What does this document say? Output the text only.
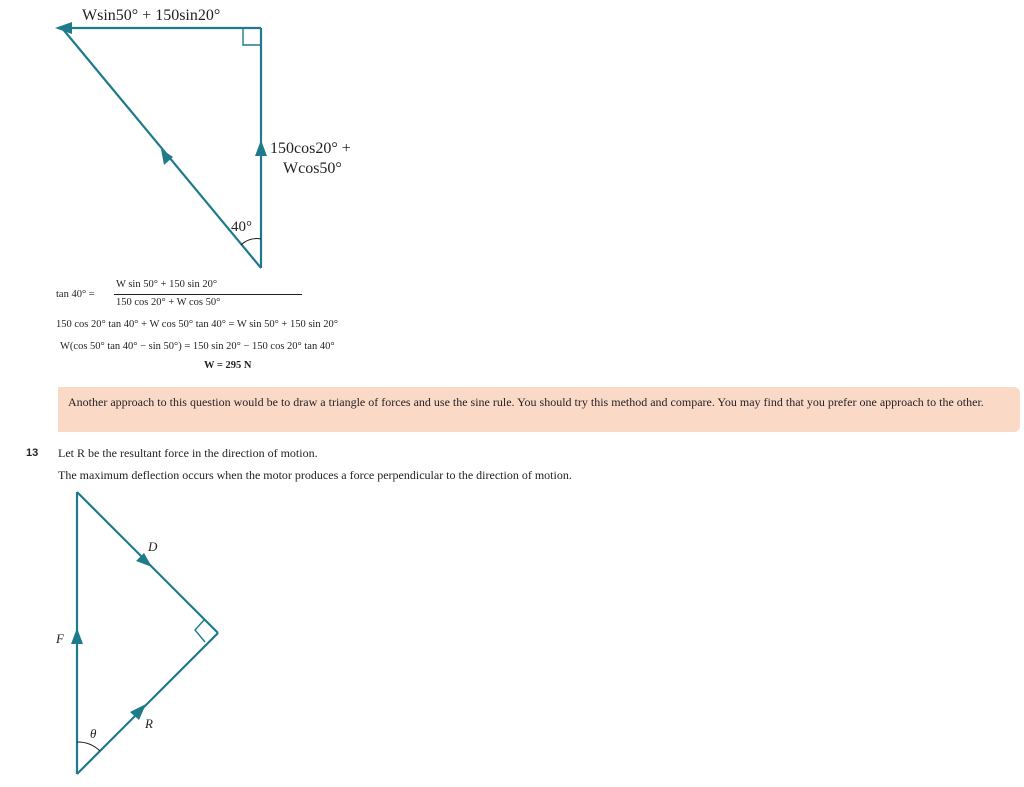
Wsin50° + 150sin20°
150cos20° +
Wcos50°
40°
tan 40° =
W sin 50° + 150 sin 20°
150 cos 20° + W cos 50°
150 cos 20° tan 40° + W cos 50° tan 40° = W sin 50° + 150 sin 20°
W(cos 50° tan 40° − sin 50°) = 150 sin 20° − 150 cos 20° tan 40°
W = 295 N
Another approach to this question would be to draw a triangle of forces and use the sine rule. You should try this method and compare. You may find that you prefer one approach to the other.
13 Let R be the resultant force in the direction of motion.
The maximum deflection occurs when the motor produces a force perpendicular to the direction of motion.
D
F
R
θ
